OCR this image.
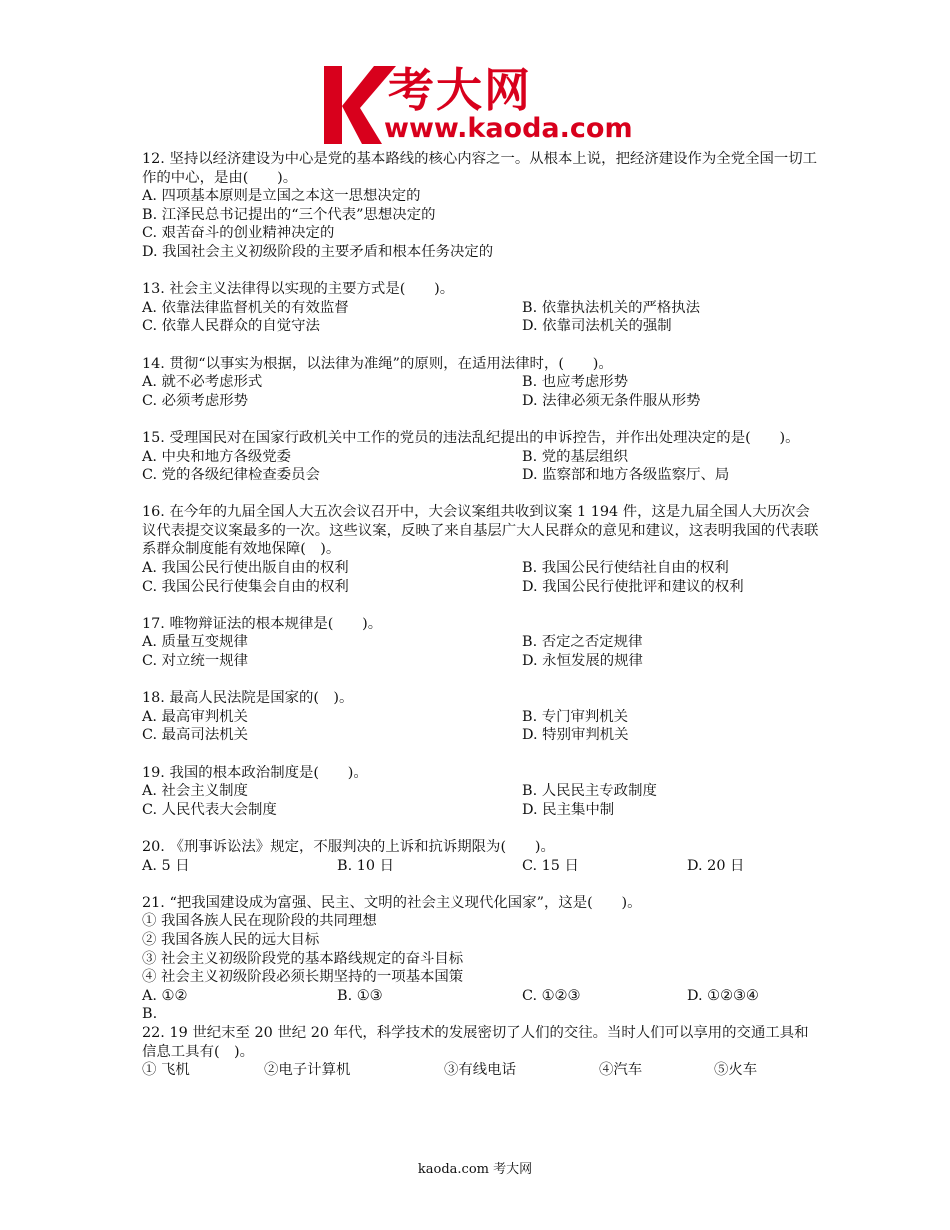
考大网
www.kaoda.com
12. 坚持以经济建设为中心是党的基本路线的核心内容之一。从根本上说，把经济建设作为全党全国一切工作的中心，是由(　　)。
A. 四项基本原则是立国之本这一思想决定的
B. 江泽民总书记提出的“三个代表”思想决定的
C. 艰苦奋斗的创业精神决定的
D. 我国社会主义初级阶段的主要矛盾和根本任务决定的
13. 社会主义法律得以实现的主要方式是(　　)。
A. 依靠法律监督机关的有效监督	B. 依靠执法机关的严格执法
C. 依靠人民群众的自觉守法	D. 依靠司法机关的强制
14. 贯彻“以事实为根据，以法律为准绳”的原则，在适用法律时，(　　)。
A. 就不必考虑形式	B. 也应考虑形势
C. 必须考虑形势	D. 法律必须无条件服从形势
15. 受理国民对在国家行政机关中工作的党员的违法乱纪提出的申诉控告，并作出处理决定的是(　　)。
A. 中央和地方各级党委	B. 党的基层组织
C. 党的各级纪律检查委员会	D. 监察部和地方各级监察厅、局
16. 在今年的九届全国人大五次会议召开中，大会议案组共收到议案 1 194 件，这是九届全国人大历次会议代表提交议案最多的一次。这些议案，反映了来自基层广大人民群众的意见和建议，这表明我国的代表联系群众制度能有效地保障(　)。
A. 我国公民行使出版自由的权利	B. 我国公民行使结社自由的权利
C. 我国公民行使集会自由的权利	D. 我国公民行使批评和建议的权利
17. 唯物辩证法的根本规律是(　　)。
A. 质量互变规律	B. 否定之否定规律
C. 对立统一规律	D. 永恒发展的规律
18. 最高人民法院是国家的(　)。
A. 最高审判机关	B. 专门审判机关
C. 最高司法机关	D. 特别审判机关
19. 我国的根本政治制度是(　　)。
A. 社会主义制度	B. 人民民主专政制度
C. 人民代表大会制度	D. 民主集中制
20. 《刑事诉讼法》规定，不服判决的上诉和抗诉期限为(　　)。
A. 5 日	B. 10 日	C. 15 日	D. 20 日
21. “把我国建设成为富强、民主、文明的社会主义现代化国家”，这是(　　)。
① 我国各族人民在现阶段的共同理想
② 我国各族人民的远大目标
③ 社会主义初级阶段党的基本路线规定的奋斗目标
④ 社会主义初级阶段必须长期坚持的一项基本国策
A. ①②	B. ①③	C. ①②③	D. ①②③④
B.
22. 19 世纪末至 20 世纪 20 年代，科学技术的发展密切了人们的交往。当时人们可以享用的交通工具和信息工具有(　)。
① 飞机	②电子计算机	③有线电话	④汽车	⑤火车
kaoda.com 考大网
